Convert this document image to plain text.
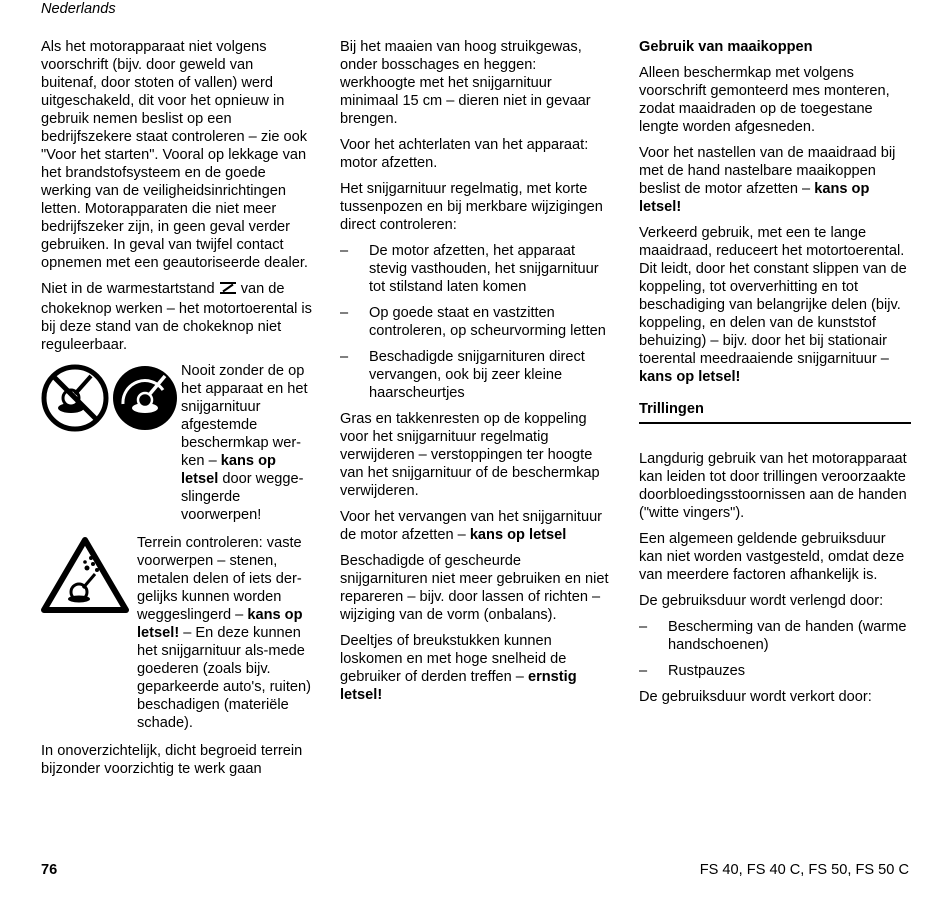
Nederlands

Als het motorapparaat niet volgens voorschrift (bijv. door geweld van buitenaf, door stoten of vallen) werd uitgeschakeld, dit voor het opnieuw in gebruik nemen beslist op een bedrijfszekere staat controleren – zie ook "Voor het starten". Vooral op lekkage van het brandstofsysteem en de goede werking van de veiligheidsinrichtingen letten. Motorapparaten die niet meer bedrijfszeker zijn, in geen geval verder gebruiken. In geval van twijfel contact opnemen met een geautoriseerde dealer.

Niet in de warmestartstand van de chokeknop werken – het motortoerental is bij deze stand van de chokeknop niet reguleerbaar.

Nooit zonder de op het apparaat en het snijgarnituur afgestemde beschermkap wer-ken – kans op letsel door wegge-slingerde voorwerpen!
Terrein controleren: vaste voorwerpen – stenen, metalen delen of iets der-gelijks kunnen worden weggeslingerd – kans op letsel! – En deze kunnen het snijgarnituur als-mede goederen (zoals bijv. geparkeerde auto's, ruiten) beschadigen (materiële schade).

In onoverzichtelijk, dicht begroeid terrein bijzonder voorzichtig te werk gaan

Bij het maaien van hoog struikgewas, onder bosschages en heggen: werkhoogte met het snijgarnituur minimaal 15 cm – dieren niet in gevaar brengen.

Voor het achterlaten van het apparaat: motor afzetten.

Het snijgarnituur regelmatig, met korte tussenpozen en bij merkbare wijzigingen direct controleren:

– De motor afzetten, het apparaat stevig vasthouden, het snijgarnituur tot stilstand laten komen
– Op goede staat en vastzitten controleren, op scheurvorming letten
– Beschadigde snijgarnituren direct vervangen, ook bij zeer kleine haarscheurtjes

Gras en takkenresten op de koppeling voor het snijgarnituur regelmatig verwijderen – verstoppingen ter hoogte van het snijgarnituur of de beschermkap verwijderen.

Voor het vervangen van het snijgarnituur de motor afzetten – kans op letsel

Beschadigde of gescheurde snijgarnituren niet meer gebruiken en niet repareren – bijv. door lassen of richten – wijziging van de vorm (onbalans).

Deeltjes of breukstukken kunnen loskomen en met hoge snelheid de gebruiker of derden treffen – ernstig letsel!

Gebruik van maaikoppen

Alleen beschermkap met volgens voorschrift gemonteerd mes monteren, zodat maaidraden op de toegestane lengte worden afgesneden.

Voor het nastellen van de maaidraad bij met de hand nastelbare maaikoppen beslist de motor afzetten – kans op letsel!

Verkeerd gebruik, met een te lange maaidraad, reduceert het motortoerental. Dit leidt, door het constant slippen van de koppeling, tot oververhitting en tot beschadiging van belangrijke delen (bijv. koppeling, en delen van de kunststof behuizing) – bijv. door het bij stationair toerental meedraaiende snijgarnituur – kans op letsel!

Trillingen

Langdurig gebruik van het motorapparaat kan leiden tot door trillingen veroorzaakte doorbloedingsstoornissen aan de handen ("witte vingers").

Een algemeen geldende gebruiksduur kan niet worden vastgesteld, omdat deze van meerdere factoren afhankelijk is.

De gebruiksduur wordt verlengd door:

– Bescherming van de handen (warme handschoenen)
– Rustpauzes

De gebruiksduur wordt verkort door:

76	FS 40, FS 40 C, FS 50, FS 50 C
